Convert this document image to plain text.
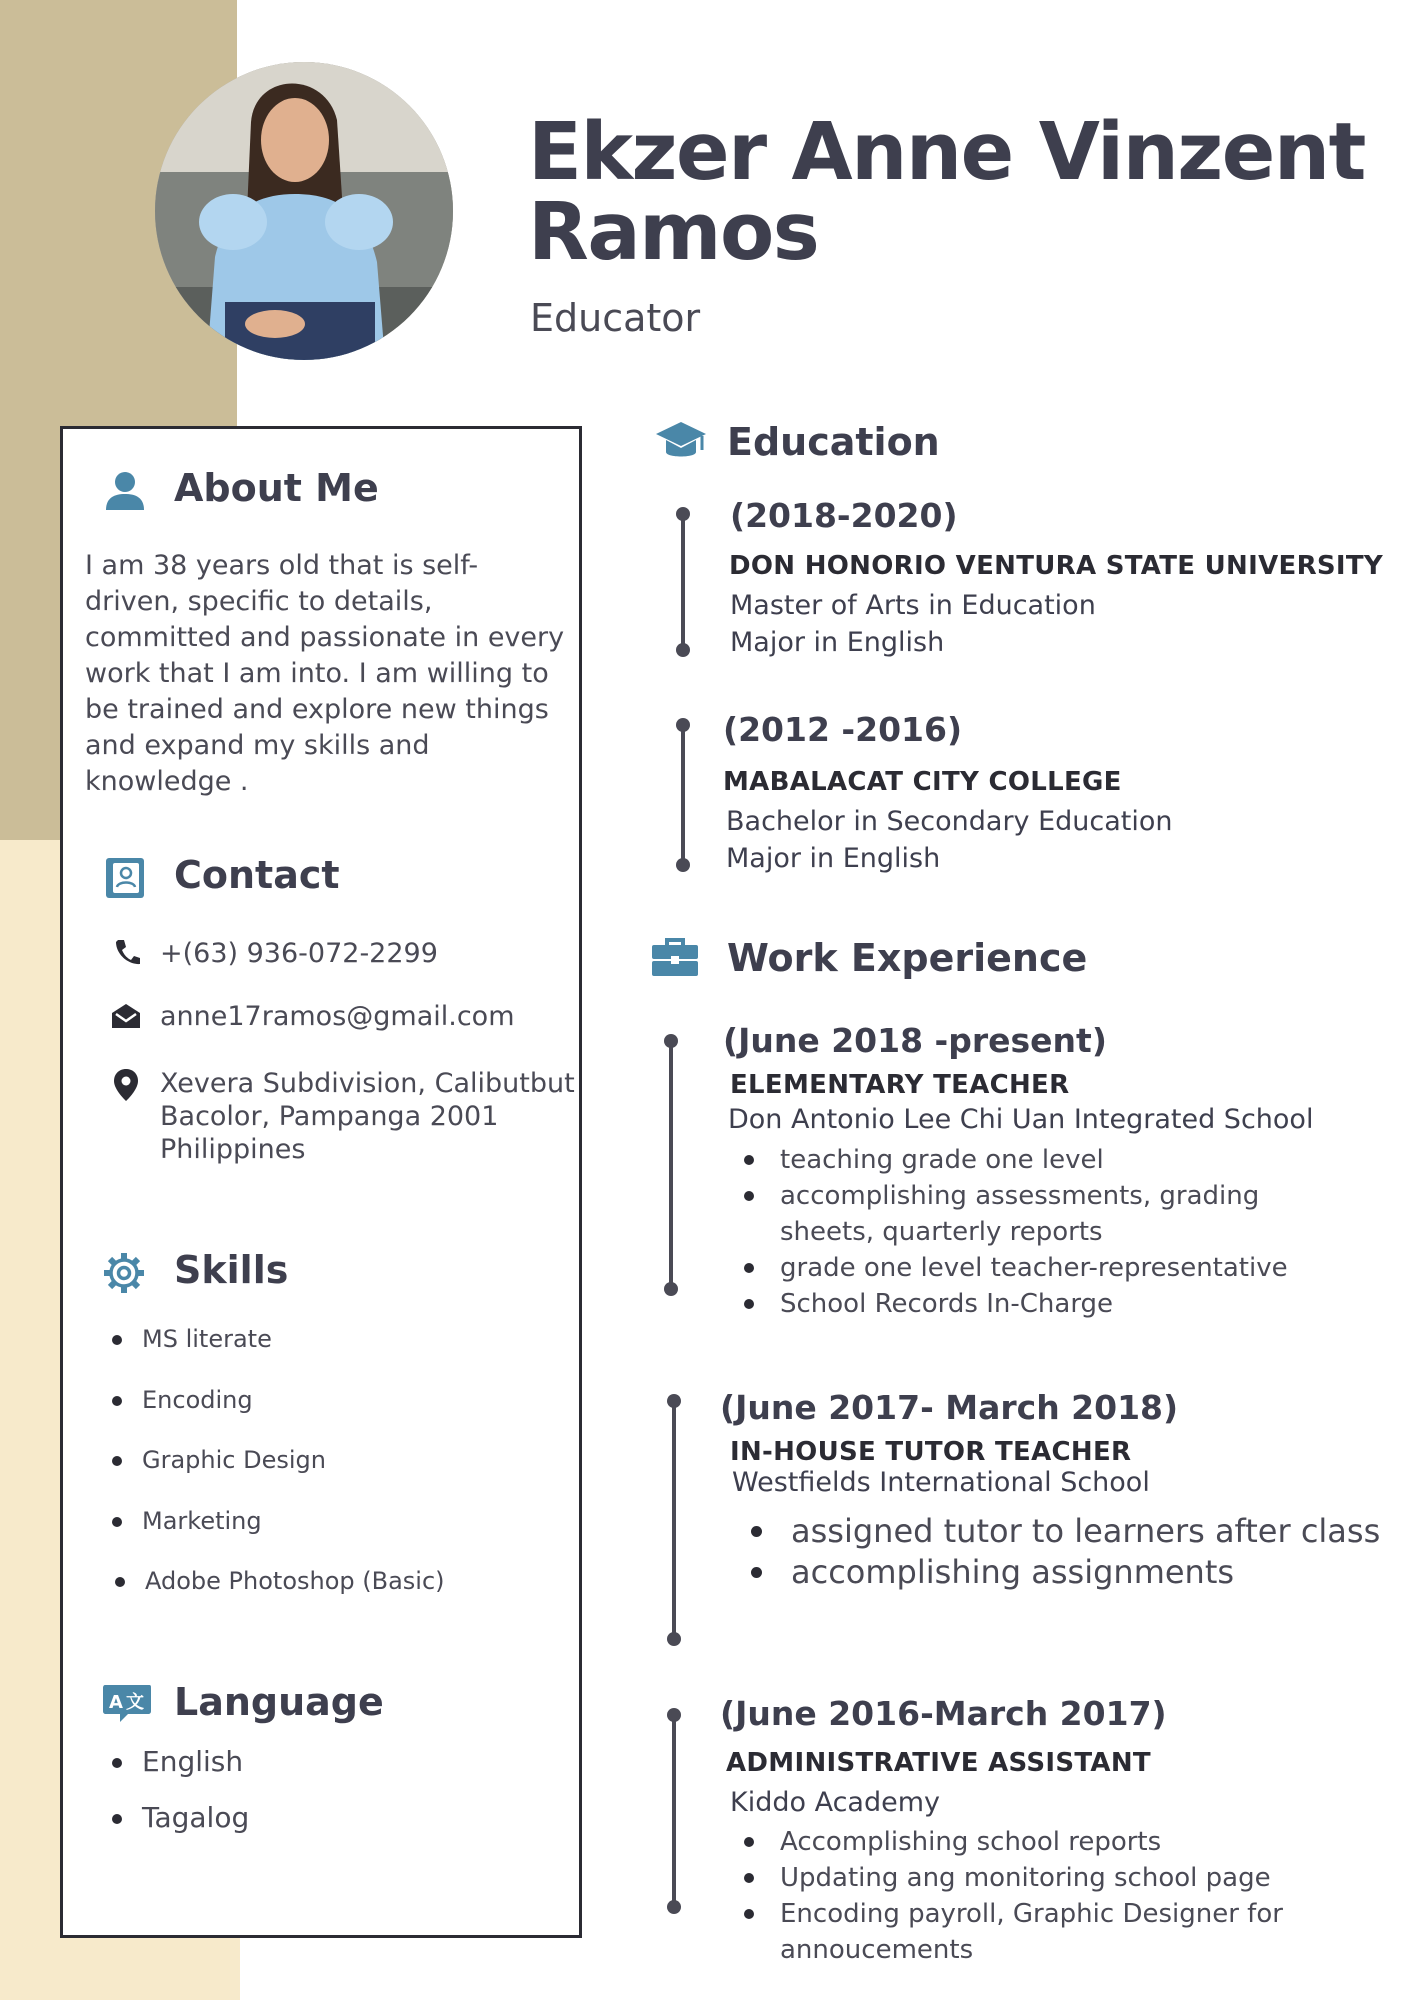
Ekzer Anne Vinzent Ramos
Educator
About Me

I am 38 years old that is self-driven, specific to details, committed and passionate in every work that I am into. I am willing to be trained and explore new things and expand my skills and knowledge .

Contact
+(63) 936-072-2299
anne17ramos@gmail.com
Xevera Subdivision, Calibutbut
Bacolor, Pampanga 2001
Philippines
Skills
MS literate
Encoding
Graphic Design
Marketing
Adobe Photoshop (Basic)
A 文 Language
English
Tagalog
Education
(2018-2020)
DON HONORIO VENTURA STATE UNIVERSITY
Master of Arts in Education
Major in English
(2012 -2016)
MABALACAT CITY COLLEGE
Bachelor in Secondary Education
Major in English
Work Experience
(June 2018 -present)
ELEMENTARY TEACHER
Don Antonio Lee Chi Uan Integrated School
teaching grade one level
accomplishing assessments, grading sheets, quarterly reports
grade one level teacher-representative
School Records In-Charge
(June 2017- March 2018)
IN-HOUSE TUTOR TEACHER
Westfields International School
assigned tutor to learners after class
accomplishing assignments
(June 2016-March 2017)
ADMINISTRATIVE ASSISTANT
Kiddo Academy
Accomplishing school reports
Updating ang monitoring school page
Encoding payroll, Graphic Designer for annoucements
